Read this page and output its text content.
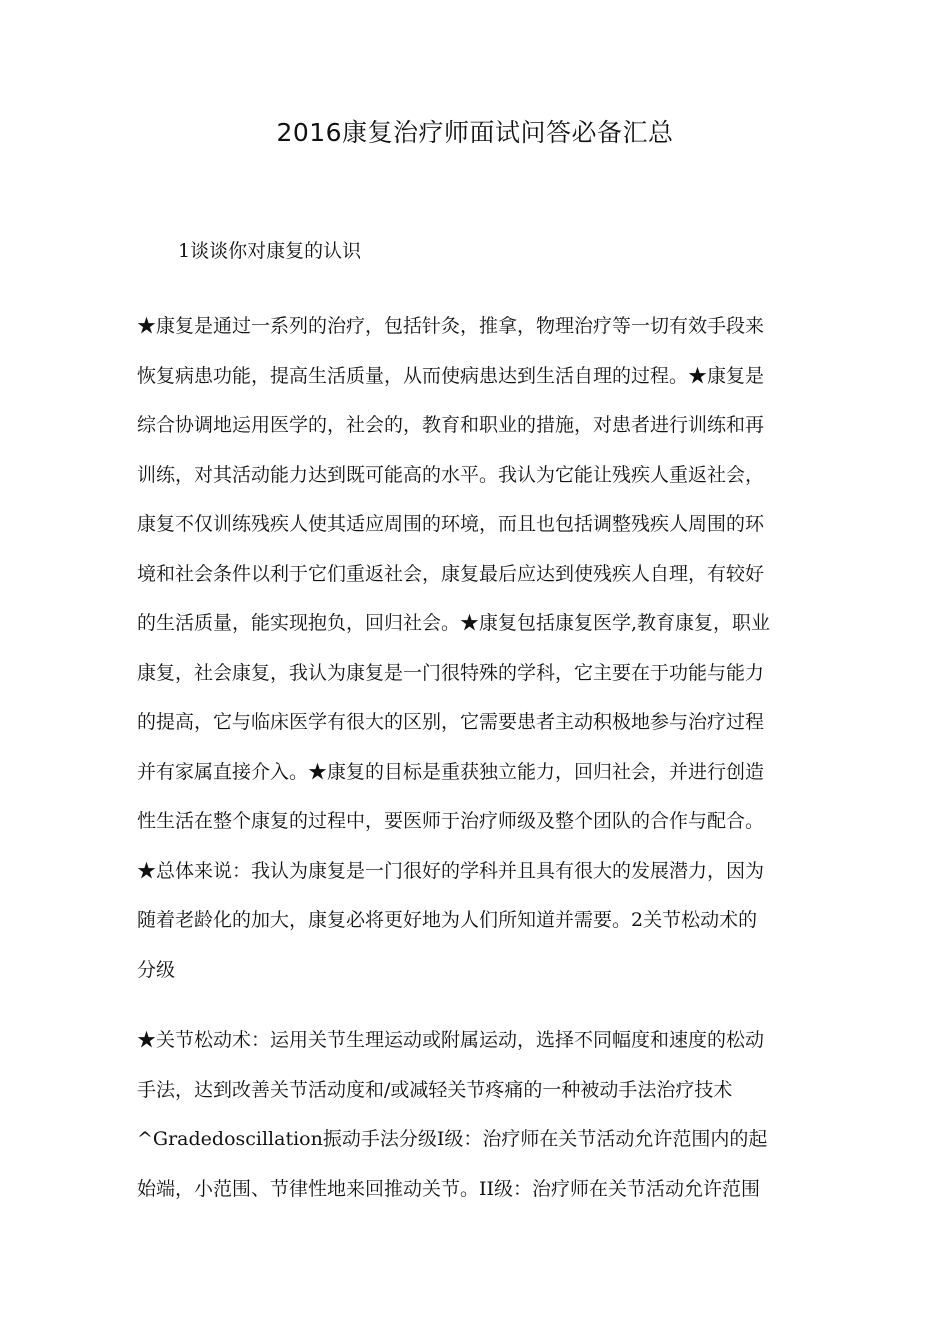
2016康复治疗师面试问答必备汇总
1谈谈你对康复的认识
★康复是通过一系列的治疗，包括针灸，推拿，物理治疗等一切有效手段来
恢复病患功能，提高生活质量，从而使病患达到生活自理的过程。★康复是
综合协调地运用医学的，社会的，教育和职业的措施，对患者进行训练和再
训练，对其活动能力达到既可能高的水平。我认为它能让残疾人重返社会，
康复不仅训练残疾人使其适应周围的环境，而且也包括调整残疾人周围的环
境和社会条件以利于它们重返社会，康复最后应达到使残疾人自理，有较好
的生活质量，能实现抱负，回归社会。★康复包括康复医学,教育康复，职业
康复，社会康复，我认为康复是一门很特殊的学科，它主要在于功能与能力
的提高，它与临床医学有很大的区别，它需要患者主动积极地参与治疗过程
并有家属直接介入。★康复的目标是重获独立能力，回归社会，并进行创造
性生活在整个康复的过程中，要医师于治疗师级及整个团队的合作与配合。
★总体来说：我认为康复是一门很好的学科并且具有很大的发展潜力，因为
随着老龄化的加大，康复必将更好地为人们所知道并需要。2关节松动术的
分级
★关节松动术：运用关节生理运动或附属运动，选择不同幅度和速度的松动
手法，达到改善关节活动度和/或减轻关节疼痛的一种被动手法治疗技术
^Gradedoscillation振动手法分级I级：治疗师在关节活动允许范围内的起
始端，小范围、节律性地来回推动关节。II级：治疗师在关节活动允许范围
